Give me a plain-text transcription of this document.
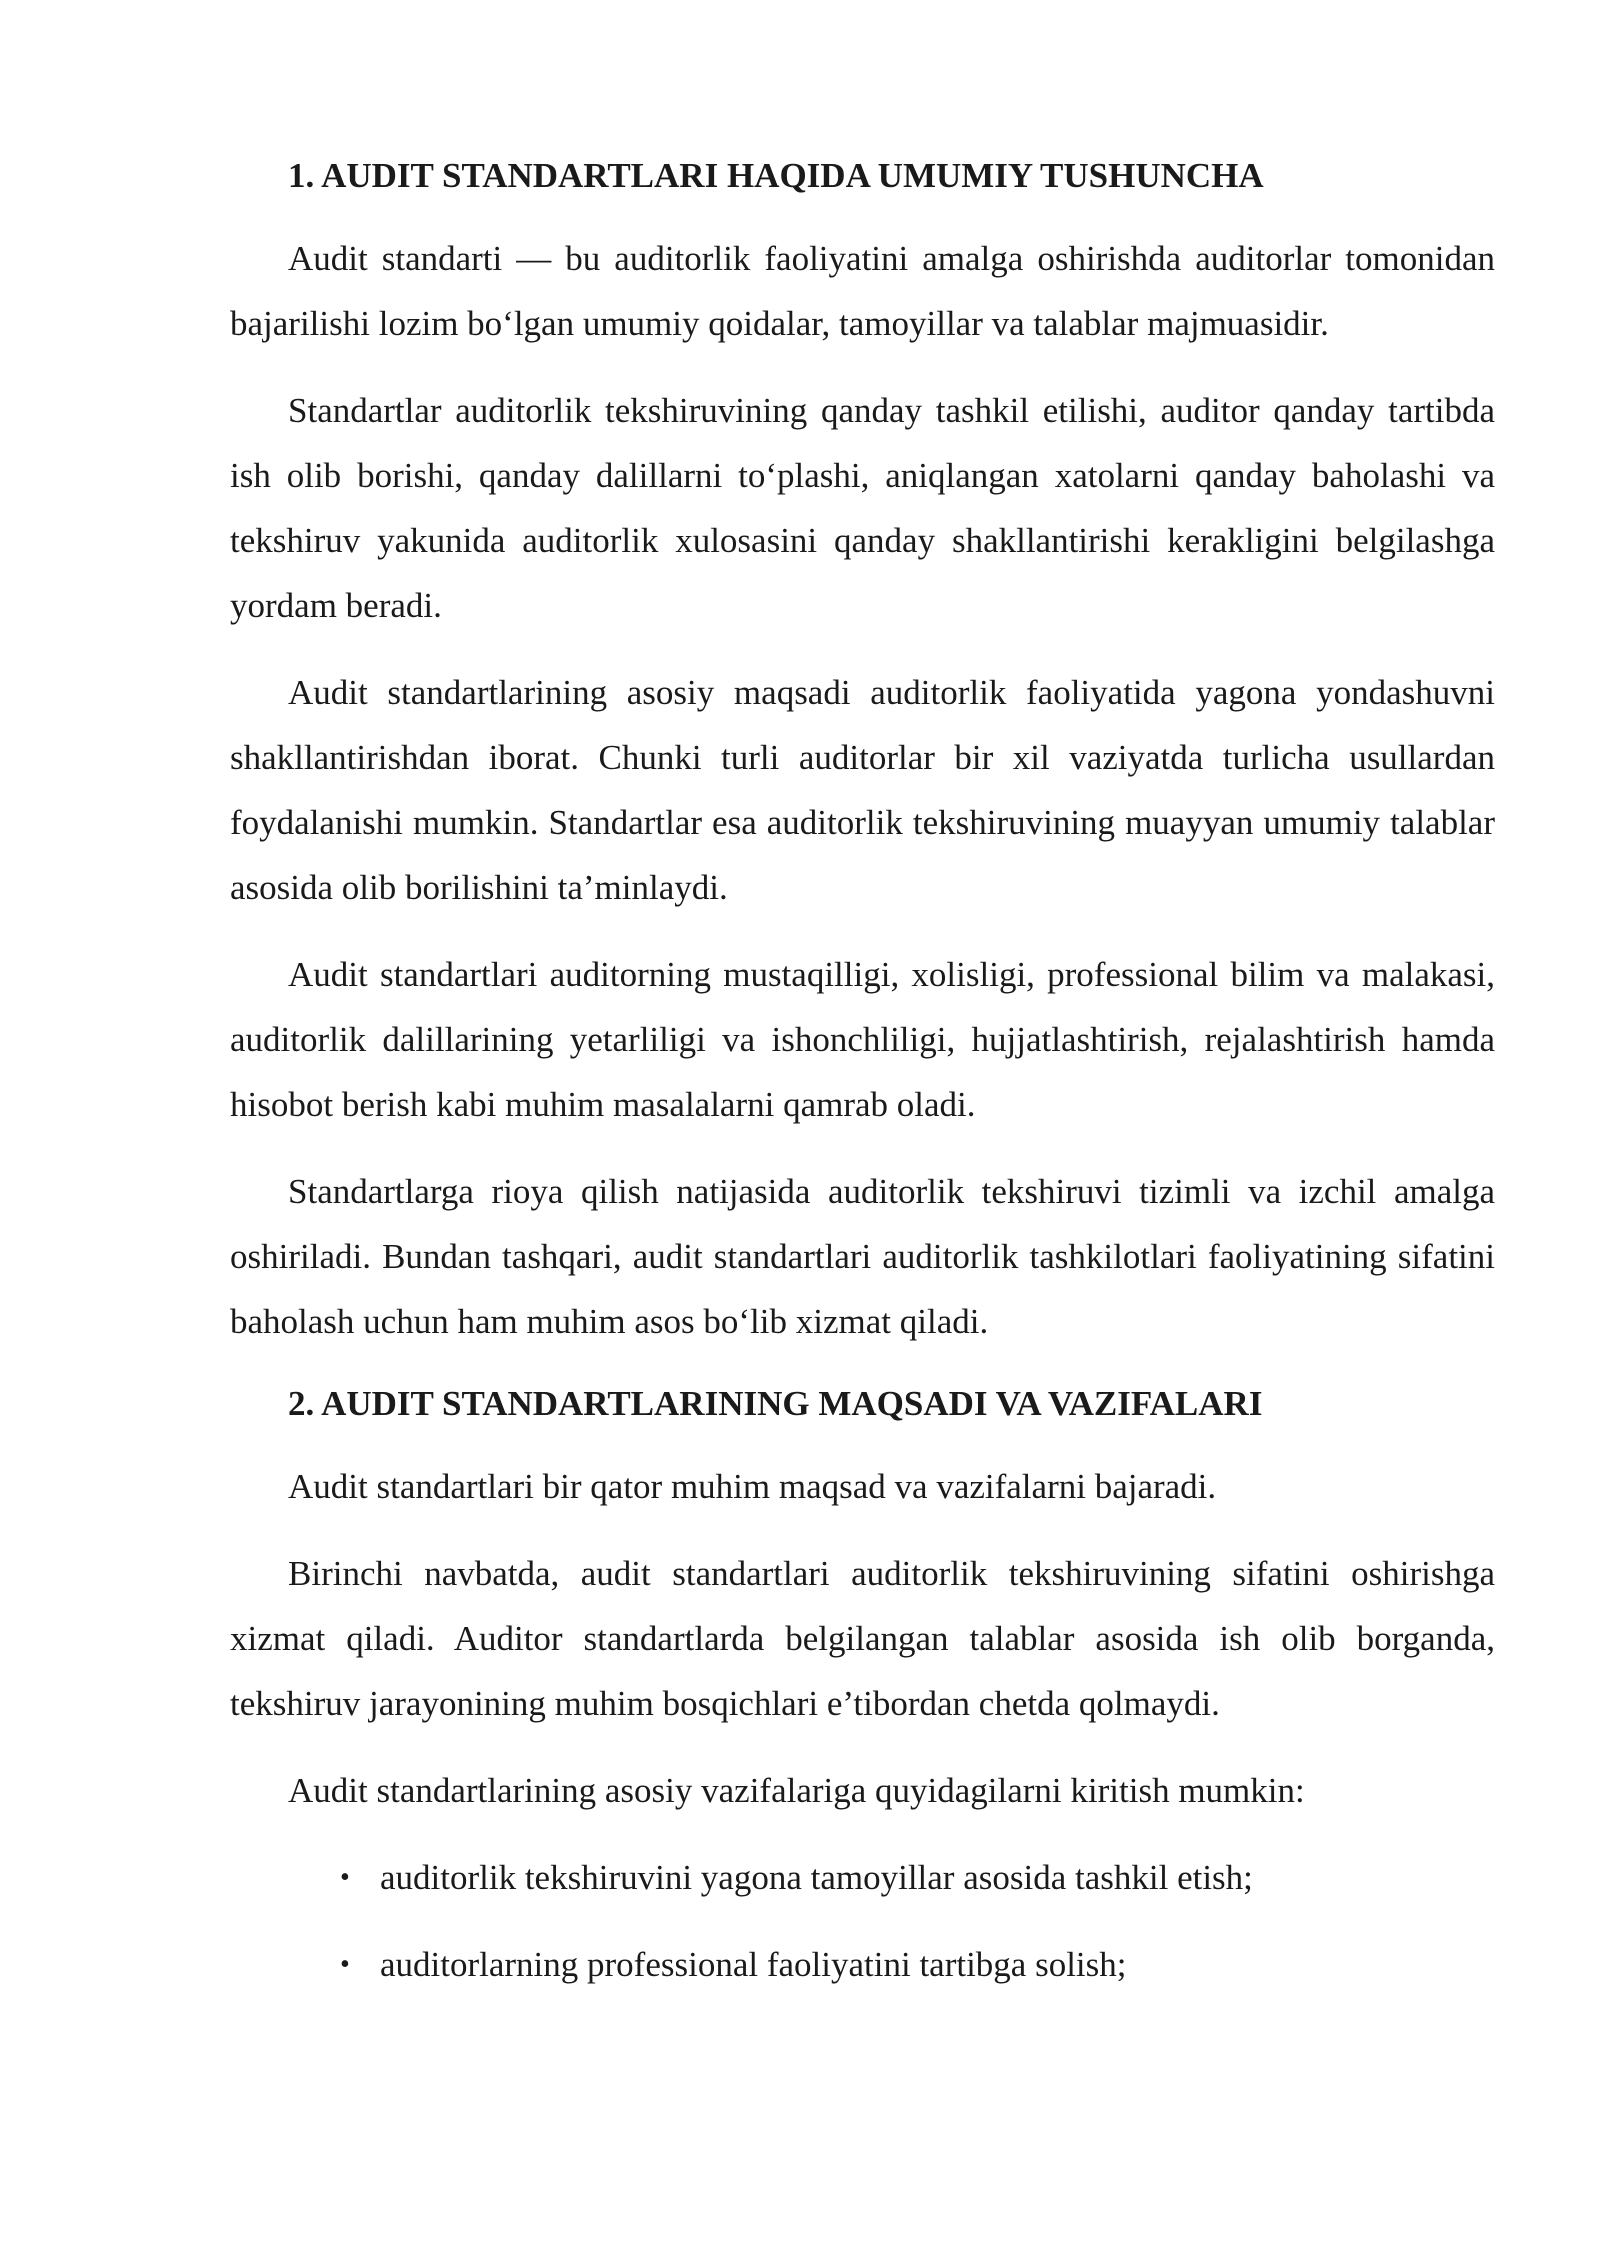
1. AUDIT STANDARTLARI HAQIDA UMUMIY TUSHUNCHA

Audit standarti — bu auditorlik faoliyatini amalga oshirishda auditorlar tomonidan bajarilishi lozim bo‘lgan umumiy qoidalar, tamoyillar va talablar majmuasidir.

Standartlar auditorlik tekshiruvining qanday tashkil etilishi, auditor qanday tartibda ish olib borishi, qanday dalillarni to‘plashi, aniqlangan xatolarni qanday baholashi va tekshiruv yakunida auditorlik xulosasini qanday shakllantirishi kerakligini belgilashga yordam beradi.

Audit standartlarining asosiy maqsadi auditorlik faoliyatida yagona yondashuvni shakllantirishdan iborat. Chunki turli auditorlar bir xil vaziyatda turlicha usullardan foydalanishi mumkin. Standartlar esa auditorlik tekshiruvining muayyan umumiy talablar asosida olib borilishini ta’minlaydi.

Audit standartlari auditorning mustaqilligi, xolisligi, professional bilim va malakasi, auditorlik dalillarining yetarliligi va ishonchliligi, hujjatlashtirish, rejalashtirish hamda hisobot berish kabi muhim masalalarni qamrab oladi.

Standartlarga rioya qilish natijasida auditorlik tekshiruvi tizimli va izchil amalga oshiriladi. Bundan tashqari, audit standartlari auditorlik tashkilotlari faoliyatining sifatini baholash uchun ham muhim asos bo‘lib xizmat qiladi.

2. AUDIT STANDARTLARINING MAQSADI VA VAZIFALARI

Audit standartlari bir qator muhim maqsad va vazifalarni bajaradi.

Birinchi navbatda, audit standartlari auditorlik tekshiruvining sifatini oshirishga xizmat qiladi. Auditor standartlarda belgilangan talablar asosida ish olib borganda, tekshiruv jarayonining muhim bosqichlari e’tibordan chetda qolmaydi.

Audit standartlarining asosiy vazifalariga quyidagilarni kiritish mumkin:

• auditorlik tekshiruvini yagona tamoyillar asosida tashkil etish;
• auditorlarning professional faoliyatini tartibga solish;
